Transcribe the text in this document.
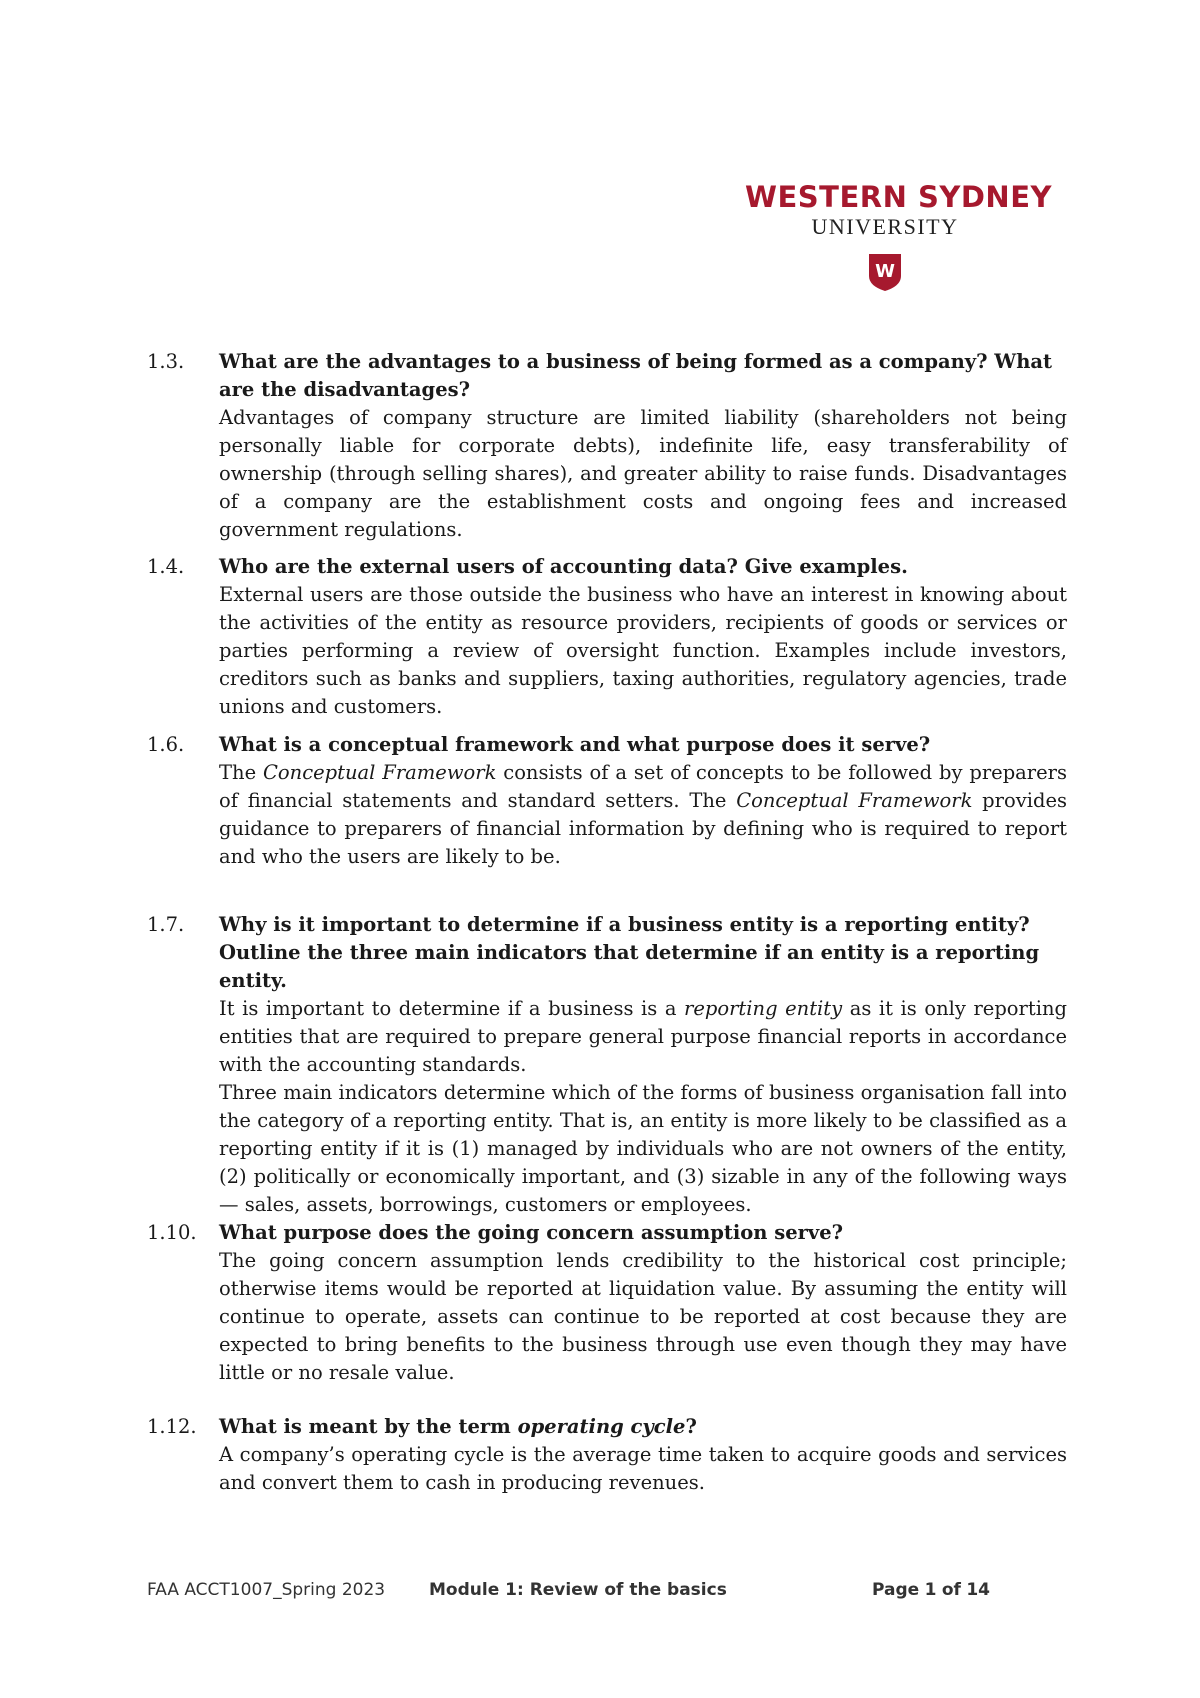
WESTERN SYDNEY
UNIVERSITY
W
1.3. What are the advantages to a business of being formed as a company? What are the disadvantages?
Advantages of company structure are limited liability (shareholders not being personally liable for corporate debts), indefinite life, easy transferability of ownership (through selling shares), and greater ability to raise funds. Disadvantages of a company are the establishment costs and ongoing fees and increased government regulations.
1.4. Who are the external users of accounting data? Give examples.
External users are those outside the business who have an interest in knowing about the activities of the entity as resource providers, recipients of goods or services or parties performing a review of oversight function. Examples include investors, creditors such as banks and suppliers, taxing authorities, regulatory agencies, trade unions and customers.
1.6. What is a conceptual framework and what purpose does it serve?
The Conceptual Framework consists of a set of concepts to be followed by preparers of financial statements and standard setters. The Conceptual Framework provides guidance to preparers of financial information by defining who is required to report and who the users are likely to be.
1.7. Why is it important to determine if a business entity is a reporting entity? Outline the three main indicators that determine if an entity is a reporting entity.
It is important to determine if a business is a reporting entity as it is only reporting entities that are required to prepare general purpose financial reports in accordance with the accounting standards.
Three main indicators determine which of the forms of business organisation fall into the category of a reporting entity. That is, an entity is more likely to be classified as a reporting entity if it is (1) managed by individuals who are not owners of the entity, (2) politically or economically important, and (3) sizable in any of the following ways — sales, assets, borrowings, customers or employees.
1.10. What purpose does the going concern assumption serve?
The going concern assumption lends credibility to the historical cost principle; otherwise items would be reported at liquidation value. By assuming the entity will continue to operate, assets can continue to be reported at cost because they are expected to bring benefits to the business through use even though they may have little or no resale value.
1.12. What is meant by the term operating cycle?
A company’s operating cycle is the average time taken to acquire goods and services and convert them to cash in producing revenues.
FAA ACCT1007_Spring 2023	Module 1: Review of the basics	Page 1 of 14
